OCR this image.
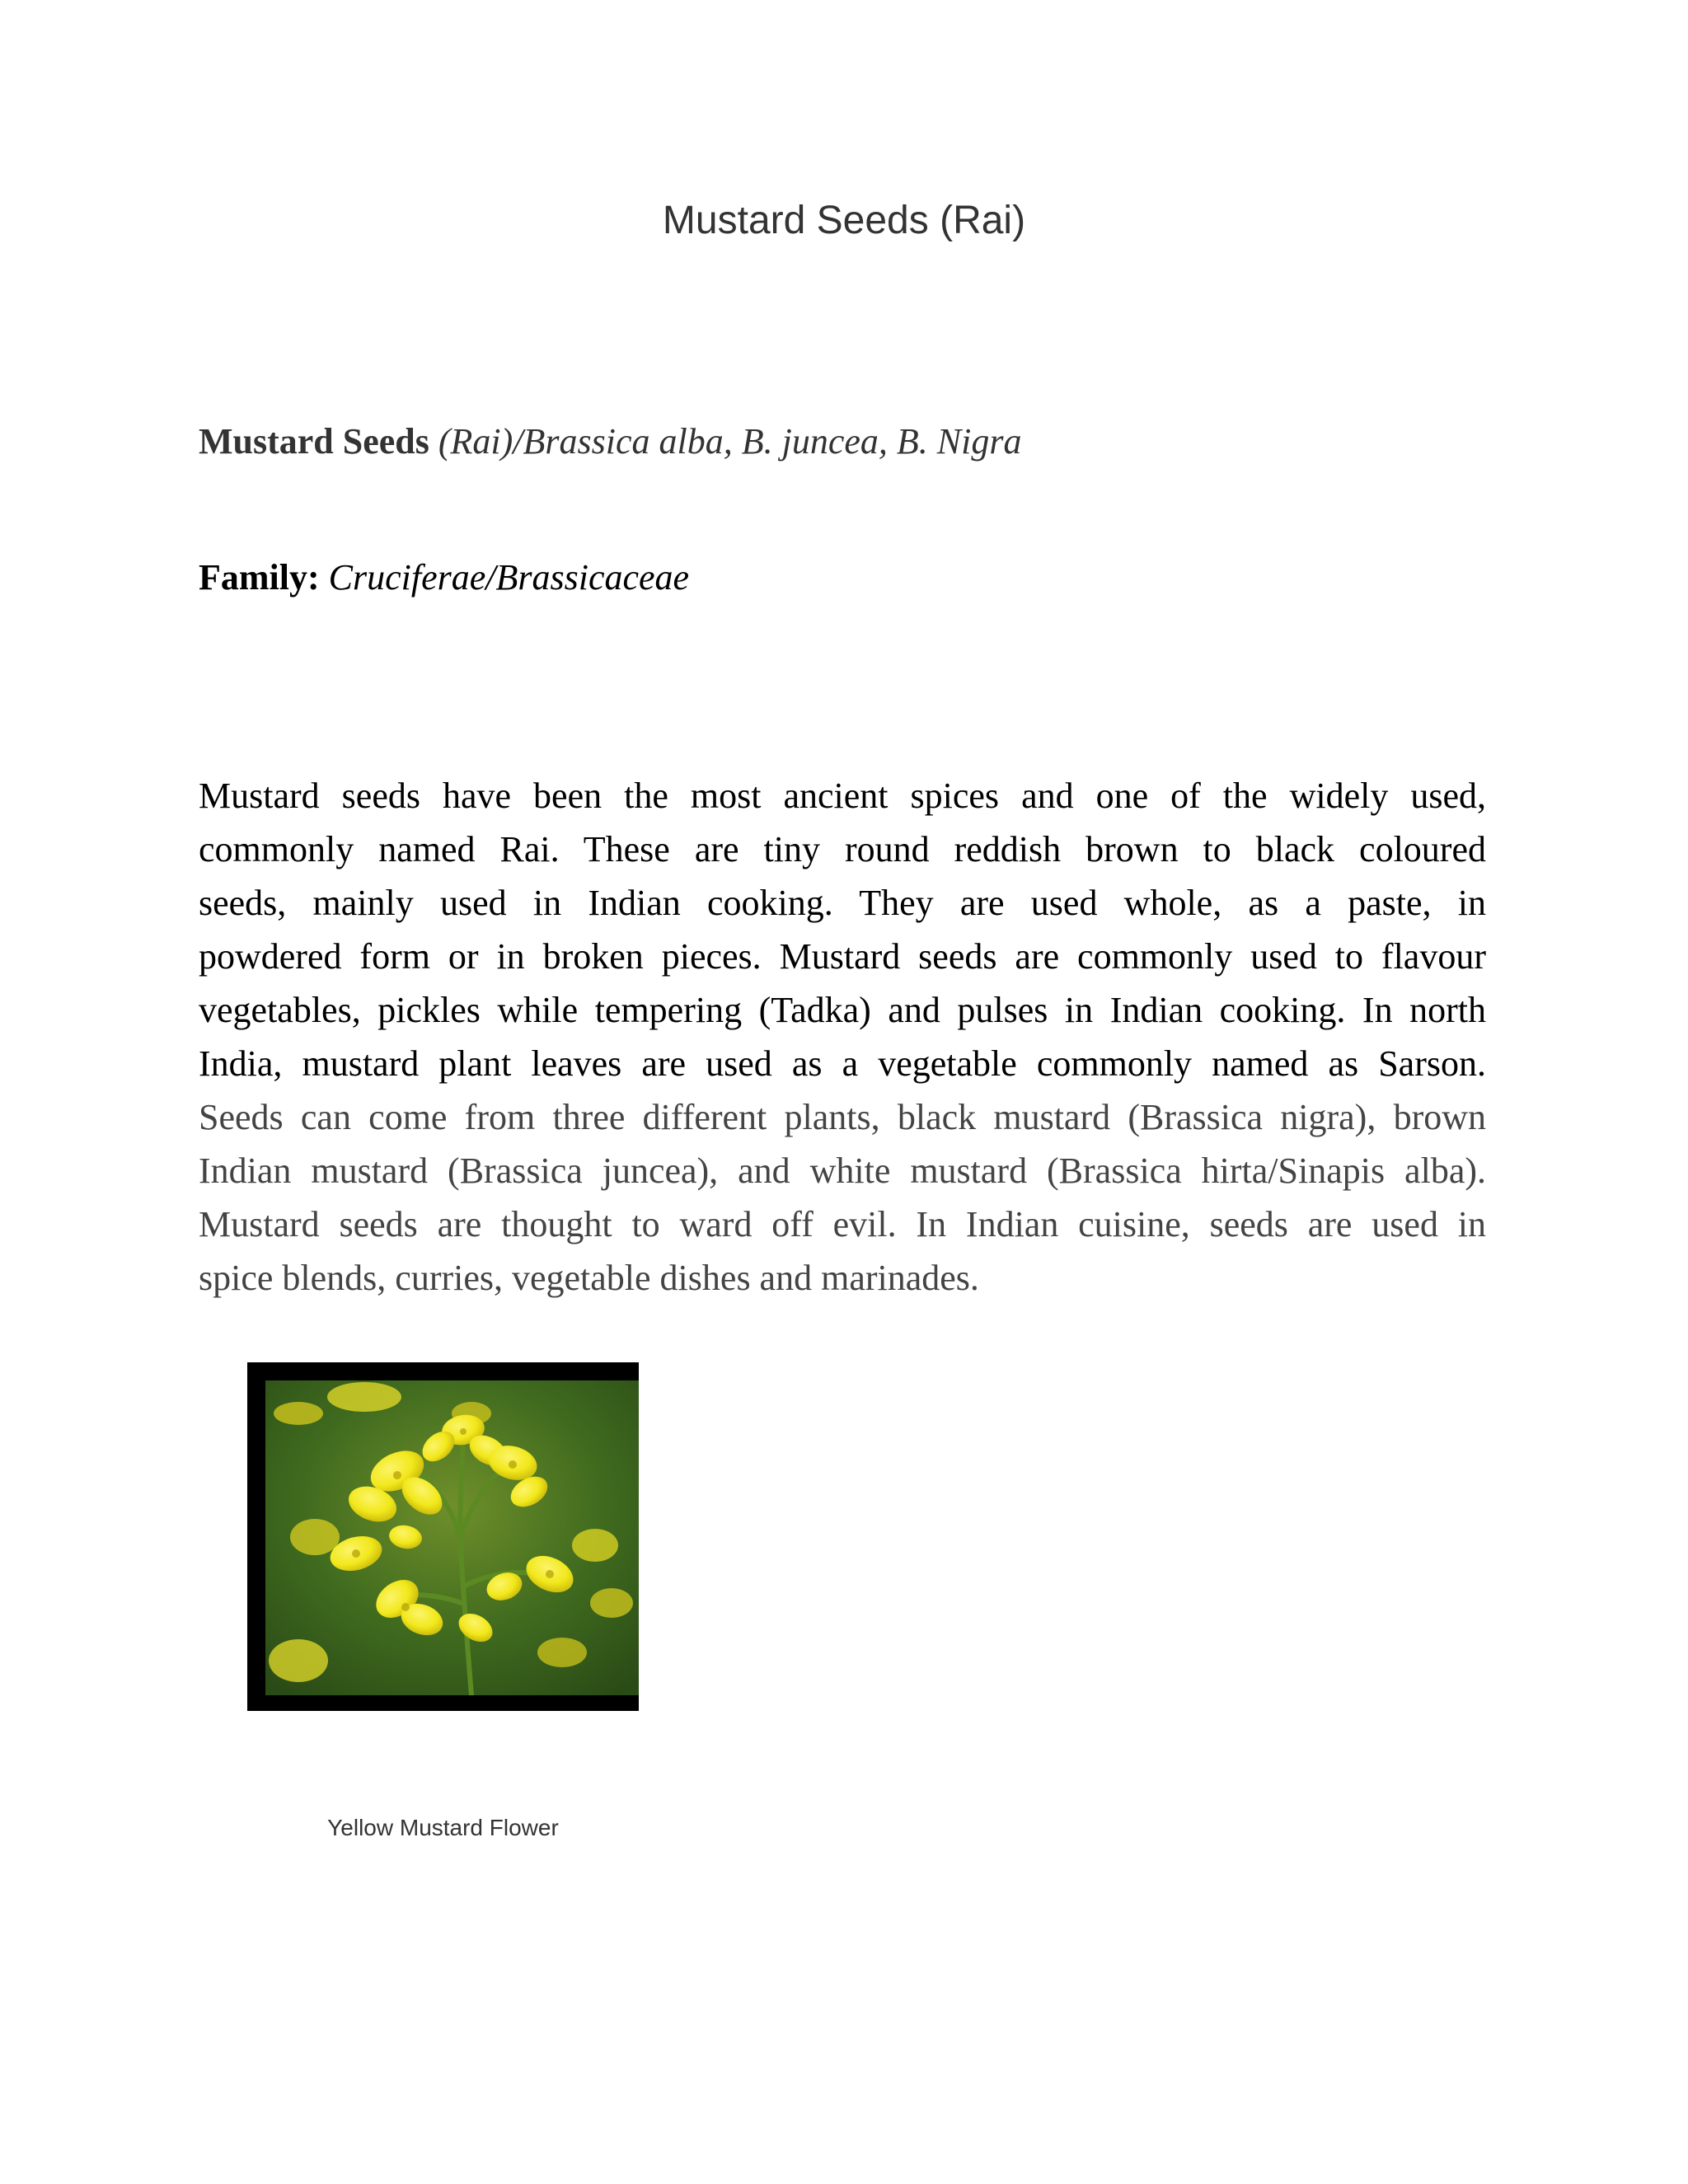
Mustard Seeds (Rai)
Mustard Seeds (Rai)/Brassica alba, B. juncea, B. Nigra
Family: Cruciferae/Brassicaceae
Mustard seeds have been the most ancient spices and one of the widely used,
commonly named Rai. These are tiny round reddish brown to black coloured
seeds, mainly used in Indian cooking. They are used whole, as a paste, in
powdered form or in broken pieces. Mustard seeds are commonly used to flavour
vegetables, pickles while tempering (Tadka) and pulses in Indian cooking. In north
India, mustard plant leaves are used as a vegetable commonly named as Sarson.
Seeds can come from three different plants, black mustard (Brassica nigra), brown
Indian mustard (Brassica juncea), and white mustard (Brassica hirta/Sinapis alba).
Mustard seeds are thought to ward off evil. In Indian cuisine, seeds are used in
spice blends, curries, vegetable dishes and marinades.
Yellow Mustard Flower
